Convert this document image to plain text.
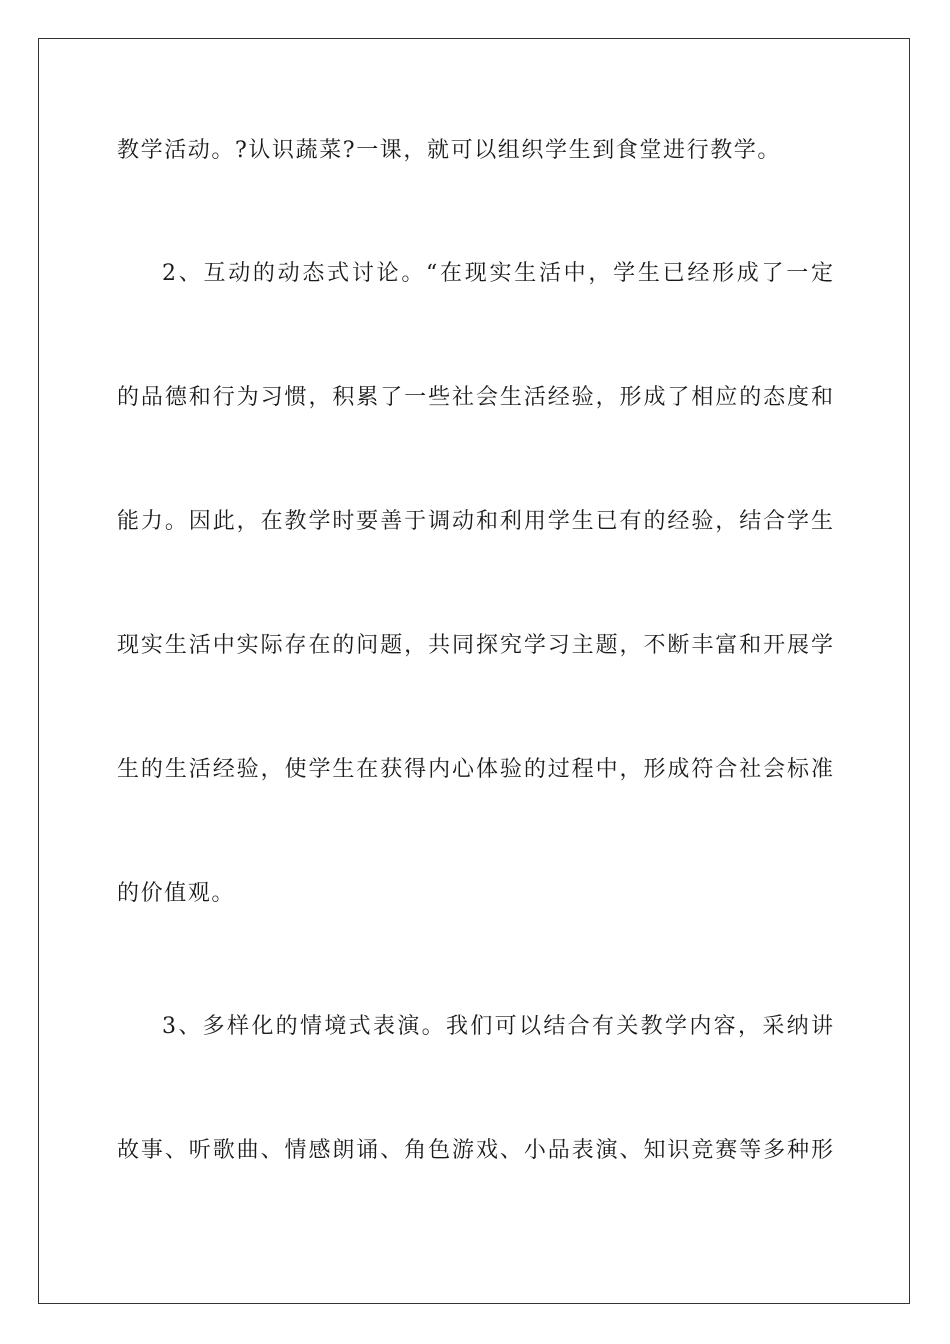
教学活动。?认识蔬菜?一课，就可以组织学生到食堂进行教学。
2、互动的动态式讨论。“在现实生活中，学生已经形成了一定
的品德和行为习惯，积累了一些社会生活经验，形成了相应的态度和
能力。因此，在教学时要善于调动和利用学生已有的经验，结合学生
现实生活中实际存在的问题，共同探究学习主题，不断丰富和开展学
生的生活经验，使学生在获得内心体验的过程中，形成符合社会标准
的价值观。
3、多样化的情境式表演。我们可以结合有关教学内容，采纳讲
故事、听歌曲、情感朗诵、角色游戏、小品表演、知识竞赛等多种形
